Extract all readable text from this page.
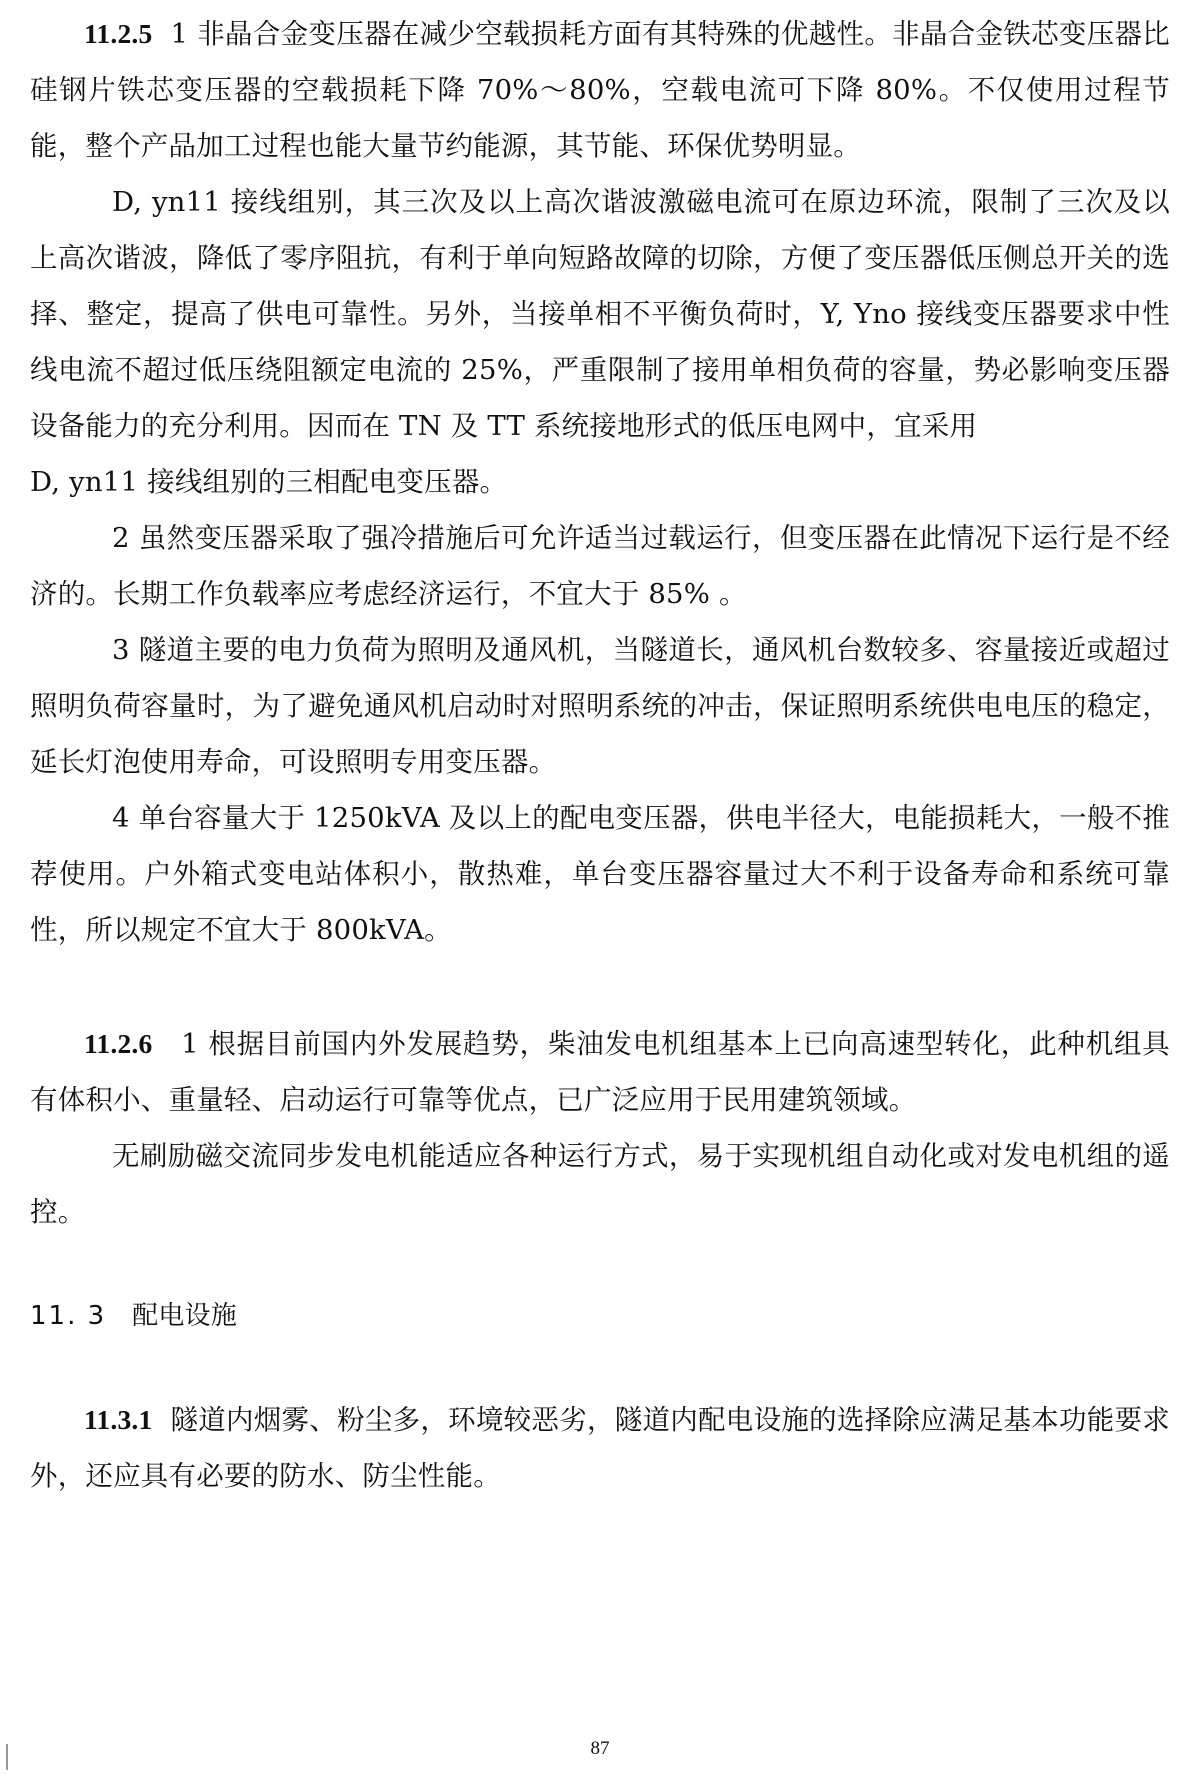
11.2.5 1 非晶合金变压器在减少空载损耗方面有其特殊的优越性。非晶合金铁芯变压器比硅钢片铁芯变压器的空载损耗下降 70%～80%，空载电流可下降 80%。不仅使用过程节能，整个产品加工过程也能大量节约能源，其节能、环保优势明显。

D, yn11 接线组别，其三次及以上高次谐波激磁电流可在原边环流，限制了三次及以上高次谐波，降低了零序阻抗，有利于单向短路故障的切除，方便了变压器低压侧总开关的选择、整定，提高了供电可靠性。另外，当接单相不平衡负荷时，Y, Yno 接线变压器要求中性线电流不超过低压绕阻额定电流的 25%，严重限制了接用单相负荷的容量，势必影响变压器设备能力的充分利用。因而在 TN 及 TT 系统接地形式的低压电网中，宜采用

D, yn11 接线组别的三相配电变压器。

2 虽然变压器采取了强冷措施后可允许适当过载运行，但变压器在此情况下运行是不经济的。长期工作负载率应考虑经济运行，不宜大于 85% 。

3 隧道主要的电力负荷为照明及通风机，当隧道长，通风机台数较多、容量接近或超过照明负荷容量时，为了避免通风机启动时对照明系统的冲击，保证照明系统供电电压的稳定，延长灯泡使用寿命，可设照明专用变压器。

4 单台容量大于 1250kVA 及以上的配电变压器，供电半径大，电能损耗大，一般不推荐使用。户外箱式变电站体积小，散热难，单台变压器容量过大不利于设备寿命和系统可靠性，所以规定不宜大于 800kVA。

11.2.6 1 根据目前国内外发展趋势，柴油发电机组基本上已向高速型转化，此种机组具有体积小、重量轻、启动运行可靠等优点，已广泛应用于民用建筑领域。

无刷励磁交流同步发电机能适应各种运行方式，易于实现机组自动化或对发电机组的遥控。

11. 3 配电设施

11.3.1 隧道内烟雾、粉尘多，环境较恶劣，隧道内配电设施的选择除应满足基本功能要求外，还应具有必要的防水、防尘性能。

87
